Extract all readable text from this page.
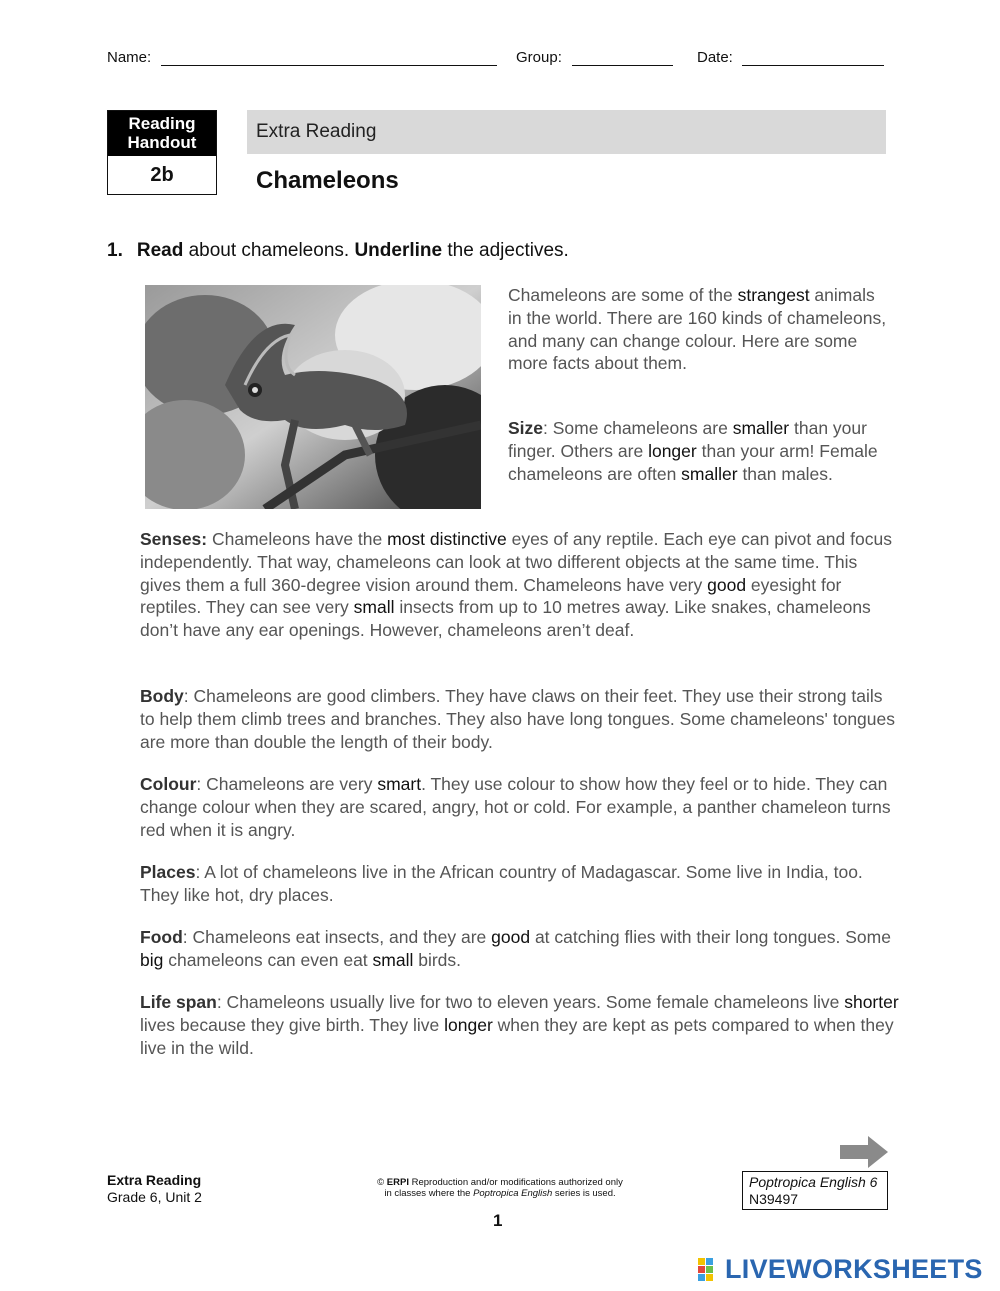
Name:	Group:	Date:
Reading
Handout
2b
Extra Reading
Chameleons
1. Read about chameleons. Underline the adjectives.
Chameleons are some of the strangest animals in the world. There are 160 kinds of chameleons, and many can change colour. Here are some more facts about them.
Size: Some chameleons are smaller than your finger. Others are longer than your arm! Female chameleons are often smaller than males.
Senses: Chameleons have the most distinctive eyes of any reptile. Each eye can pivot and focus independently. That way, chameleons can look at two different objects at the same time. This gives them a full 360-degree vision around them. Chameleons have very good eyesight for reptiles. They can see very small insects from up to 10 metres away. Like snakes, chameleons don’t have any ear openings. However, chameleons aren’t deaf.
Body: Chameleons are good climbers. They have claws on their feet. They use their strong tails to help them climb trees and branches. They also have long tongues. Some chameleons' tongues are more than double the length of their body.
Colour: Chameleons are very smart. They use colour to show how they feel or to hide. They can change colour when they are scared, angry, hot or cold. For example, a panther chameleon turns red when it is angry.
Places: A lot of chameleons live in the African country of Madagascar. Some live in India, too. They like hot, dry places.
Food: Chameleons eat insects, and they are good at catching flies with their long tongues. Some big chameleons can even eat small birds.
Life span: Chameleons usually live for two to eleven years. Some female chameleons live shorter lives because they give birth. They live longer when they are kept as pets compared to when they live in the wild.
Extra Reading
Grade 6, Unit 2
© ERPI Reproduction and/or modifications authorized only
in classes where the Poptropica English series is used.
Poptropica English 6
N39497
1
LIVEWORKSHEETS
